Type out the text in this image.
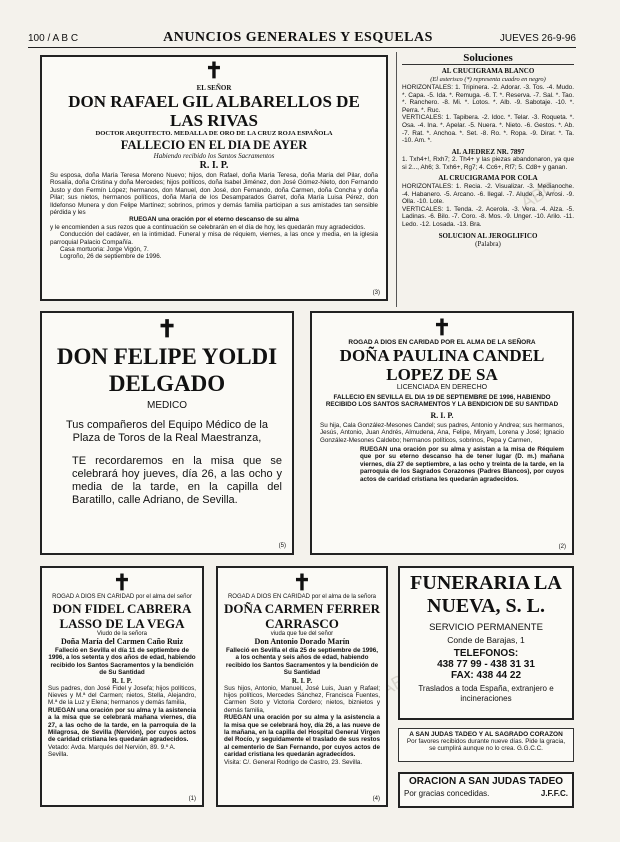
100 / A B C	ANUNCIOS GENERALES Y ESQUELAS	JUEVES 26-9-96
ABC
✝
EL SEÑOR
DON RAFAEL GIL ALBARELLOS DE LAS RIVAS
DOCTOR ARQUITECTO. MEDALLA DE ORO DE LA CRUZ ROJA ESPAÑOLA
FALLECIO EN EL DIA DE AYER
Habiendo recibido los Santos Sacramentos
R. I. P.
Su esposa, doña María Teresa Moreno Nuevo; hijos, don Rafael, doña María Teresa, doña María del Pilar, doña Rosalía, doña Cristina y doña Mercedes; hijos políticos, doña Isabel Jiménez, don José Gómez-Nieto, don Fernando Justo y don Fermín López; hermanos, don Manuel, don José, don Fernando, doña Carmen, doña Concha y doña Pilar; sus nietos, hermanos políticos, doña María de los Desamparados Garret, doña María Luisa Pérez, don Ildefonso Munera y don Felipe Martínez; sobrinos, primos y demás familia participan a sus amistades tan sensible pérdida y les
RUEGAN una oración por el eterno descanso de su alma
y le encomienden a sus rezos que a continuación se celebrarán en el día de hoy, les quedarán muy agradecidos.
Conducción del cadáver, en la intimidad. Funeral y misa de réquiem, viernes, a las once y media, en la iglesia parroquial Palacio Compañía.
Casa mortuoria: Jorge Vigón, 7.
Logroño, 26 de septiembre de 1996.
(3)
Soluciones

AL CRUCIGRAMA BLANCO

(El asterisco (*) representa cuadro en negro)

HORIZONTALES: 1. Tripinera. -2. Adorar. -3. Tos. -4. Mudo. *. Capa. -5. Ida. *. Remuga. -6. T. *. Reserva. -7. Sal. *. Tao. *. Ranchero. -8. Mi. *. Lotos. *. Alb. -9. Sabotaje. -10. *. Perra. *. Ruc.

VERTICALES: 1. Tapibera. -2. Idoc. *. Telar. -3. Roqueta. *. Osa. -4. Ina. *. Apelar. -5. Nuera. *. Nieto. -6. Gestos. *. Ab. -7. Rat. *. Anchoa. *. Set. -8. Ro. *. Ropa. -9. Dirar. *. Ta. -10. Am. *.

AL AJEDREZ NR. 7897

1. Txh4+!, Rxh7; 2. Th4+ y las piezas abandonaron, ya que si 2..., Ah6; 3. Txh6+, Rg7; 4. Cc6+, Rf7; 5. Cd8+ y ganan.

AL CRUCIGRAMA POR COLA

HORIZONTALES: 1. Recia. -2. Visualizar. -3. Medianoche. -4. Habanero. -5. Arcano. -6. Ilegal. -7. Alude. -8. Arrosi. -9. Olla. -10. Lote.

VERTICALES: 1. Tenda. -2. Acerola. -3. Vera. -4. Alza. -5. Ladinas. -6. Bilo. -7. Coro. -8. Mos. -9. Unger. -10. Arilo. -11. Ledo. -12. Losada. -13. Bra.

SOLUCION AL JEROGLIFICO

(Palabra)

✝
DON FELIPE YOLDI DELGADO
MEDICO
Tus compañeros del Equipo Médico de la Plaza de Toros de la Real Maestranza,
TE recordaremos en la misa que se celebrará hoy jueves, día 26, a las ocho y media de la tarde, en la capilla del Baratillo, calle Adriano, de Sevilla.
(5)
✝
ROGAD A DIOS EN CARIDAD POR EL ALMA DE LA SEÑORA
DOÑA PAULINA CANDEL LOPEZ DE SA
LICENCIADA EN DERECHO
FALLECIO EN SEVILLA EL DIA 19 DE SEPTIEMBRE DE 1996, HABIENDO RECIBIDO LOS SANTOS SACRAMENTOS Y LA BENDICION DE SU SANTIDAD
R. I. P.
Su hija, Cala González-Mesones Candel; sus padres, Antonio y Andrea; sus hermanos, Jesús, Antonio, Juan Andrés, Almudena, Ana, Felipe, Miryam, Lorena y José; Ignacio González-Mesones Caldebo; hermanos políticos, sobrinos, Pepa y Carmen,
RUEGAN una oración por su alma y asistan a la misa de Réquiem que por su eterno descanso ha de tener lugar (D. m.) mañana viernes, día 27 de septiembre, a las ocho y treinta de la tarde, en la parroquia de los Sagrados Corazones (Padres Blancos), por cuyos actos de caridad cristiana les quedarán agradecidos.
(2)
✝
ROGAD A DIOS EN CARIDAD por el alma del señor
DON FIDEL CABRERA LASSO DE LA VEGA
Viudo de la señora
Doña María del Carmen Caño Ruiz
Falleció en Sevilla el día 11 de septiembre de 1996, a los setenta y dos años de edad, habiendo recibido los Santos Sacramentos y la bendición de Su Santidad
R. I. P.
Sus padres, don José Fidel y Josefa; hijos políticos, Nieves y M.ª del Carmen; nietos, Stella, Alejandro, M.ª de la Luz y Elena; hermanos y demás familia,
RUEGAN una oración por su alma y la asistencia a la misa que se celebrará mañana viernes, día 27, a las ocho de la tarde, en la parroquia de la Milagrosa, de Sevilla (Nervión), por cuyos actos de caridad cristiana les quedarán agradecidos.
Vetado: Avda. Marqués del Nervión, 89. 9.º A. Sevilla.
(1)
✝
ROGAD A DIOS EN CARIDAD por el alma de la señora
DOÑA CARMEN FERRER CARRASCO
viuda que fue del señor
Don Antonio Dorado Marín
Falleció en Sevilla el día 25 de septiembre de 1996, a los ochenta y seis años de edad, habiendo recibido los Santos Sacramentos y la bendición de Su Santidad
R. I. P.
Sus hijos, Antonio, Manuel, José Luis, Juan y Rafael; hijos políticos, Mercedes Sánchez, Francisca Fuentes, Carmen Soto y Victoria Cordero; nietos, biznietos y demás familia,
RUEGAN una oración por su alma y la asistencia a la misa que se celebrará hoy, día 26, a las nueve de la mañana, en la capilla del Hospital General Virgen del Rocío, y seguidamente el traslado de sus restos al cementerio de San Fernando, por cuyos actos de caridad cristiana les quedarán agradecidos.
Visita: C/. General Rodrigo de Castro, 23. Sevilla.
(4)
FUNERARIA LA NUEVA, S. L.
SERVICIO PERMANENTE
Conde de Barajas, 1
TELEFONOS:
438 77 99 - 438 31 31
FAX: 438 44 22
Traslados a toda España, extranjero e incineraciones
A SAN JUDAS TADEO Y AL SAGRADO CORAZON
Por favores recibidos durante nueve días. Pide la gracia, se cumplirá aunque no lo crea. G.G.C.C.
ORACION A SAN JUDAS TADEO
Por gracias concedidas.	J.F.F.C.
